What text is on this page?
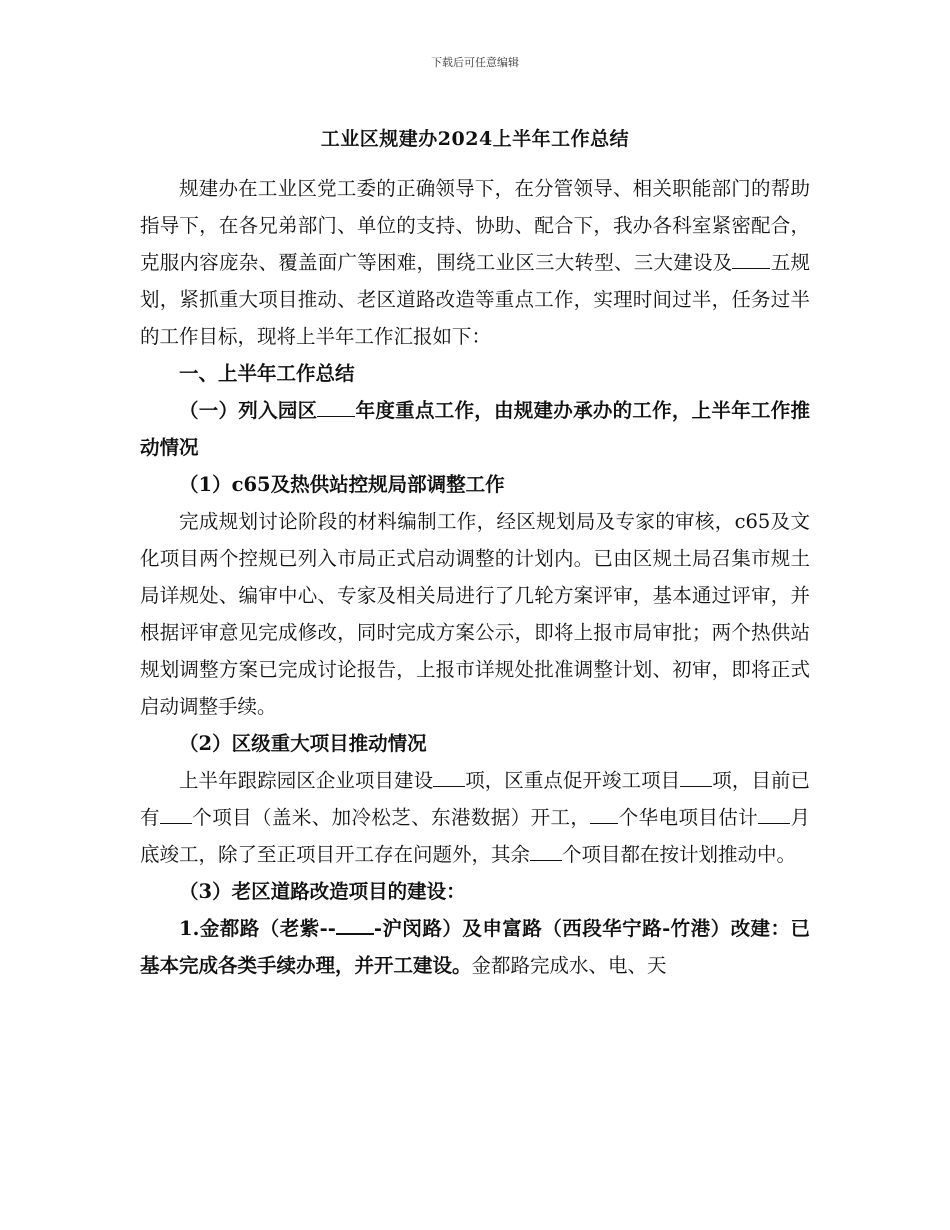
下载后可任意编辑
工业区规建办2024上半年工作总结

规建办在工业区党工委的正确领导下，在分管领导、相关职能部门的帮助指导下，在各兄弟部门、单位的支持、协助、配合下，我办各科室紧密配合，克服内容庞杂、覆盖面广等困难，围绕工业区三大转型、三大建设及 五规划，紧抓重大项目推动、老区道路改造等重点工作，实理时间过半，任务过半的工作目标，现将上半年工作汇报如下：

一、上半年工作总结

（一）列入园区 年度重点工作，由规建办承办的工作，上半年工作推动情况

（1）c65及热供站控规局部调整工作

完成规划讨论阶段的材料编制工作，经区规划局及专家的审核，c65及文化项目两个控规已列入市局正式启动调整的计划内。已由区规土局召集市规土局详规处、编审中心、专家及相关局进行了几轮方案评审，基本通过评审，并根据评审意见完成修改，同时完成方案公示，即将上报市局审批；两个热供站规划调整方案已完成讨论报告，上报市详规处批准调整计划、初审，即将正式启动调整手续。

（2）区级重大项目推动情况

上半年跟踪园区企业项目建设 项，区重点促开竣工项目 项，目前已有 个项目（盖米、加冷松芝、东港数据）开工， 个华电项目估计 月底竣工，除了至正项目开工存在问题外，其余 个项目都在按计划推动中。

（3）老区道路改造项目的建设：

1.金都路（老紫-- -沪闵路）及申富路（西段华宁路-竹港）改建：已基本完成各类手续办理，并开工建设。金都路完成水、电、天
